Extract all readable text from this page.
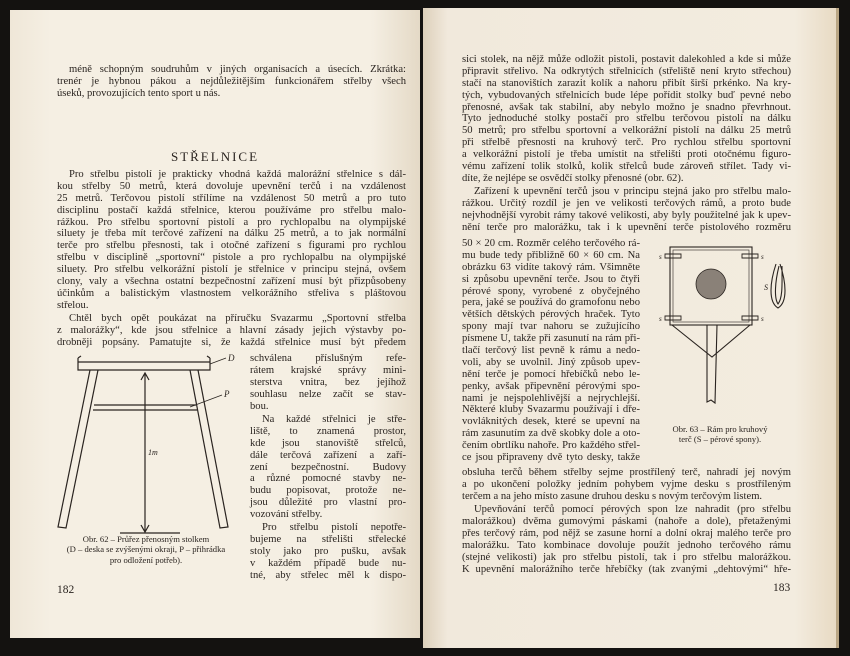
méně schopným soudruhům v jiných organisacích a úsecích. Zkrátka:
trenér je hybnou pákou a nejdůležitějším funkcionářem střelby všech
úseků, provozujících tento sport u nás.
STŘELNICE
Pro střelbu pistolí je prakticky vhodná každá malorážní střelnice s dál-
kou střelby 50 metrů, která dovoluje upevnění terčů i na vzdálenost
25 metrů. Terčovou pistolí střílíme na vzdálenost 50 metrů a pro tuto
disciplinu postačí každá střelnice, kterou používáme pro střelbu malo-
rážkou. Pro střelbu sportovní pistolí a pro rychlopalbu na olympijské
siluety je třeba mít terčové zařízení na dálku 25 metrů, a to jak normální
terče pro střelbu přesnosti, tak i otočné zařízení s figurami pro rychlou
střelbu v disciplině „sportovní“ pistole a pro rychlopalbu na olympijské
siluety. Pro střelbu velkorážní pistolí je střelnice v principu stejná, ovšem
clony, valy a všechna ostatní bezpečnostní zařízení musí být přizpůsobeny
účinkům a balistickým vlastnostem velkorážního střeliva s pláštovou
střelou.
Chtěl bych opět poukázat na příručku Svazarmu „Sportovní střelba
z malorážky“, kde jsou střelnice a hlavní zásady jejich výstavby po-
drobněji popsány. Pamatujte si, že každá střelnice musí být předem
schválena příslušným refe-
rátem krajské správy mini-
sterstva vnitra, bez jejíhož
souhlasu nelze začít se stav-
bou.
Na každé střelnici je stře-
liště, to znamená prostor,
kde jsou stanoviště střelců,
dále terčová zařízení a zaří-
zení bezpečnostní. Budovy
a různé pomocné stavby ne-
budu popisovat, protože ne-
jsou důležité pro vlastní pro-
vozování střelby.
Pro střelbu pistolí nepotře-
bujeme na střelišti střelecké
stoly jako pro pušku, avšak
v každém případě bude nu-
tné, aby střelec měl k dispo-
D
P
1m
Obr. 62 – Průřez přenosným stolkem
(D – deska se zvýšenými okraji, P – přihrádka
pro odložení potřeb).
182
sici stolek, na nějž může odložit pistoli, postavit dalekohled a kde si může
připravit střelivo. Na odkrytých střelnicích (střeliště není kryto střechou)
stačí na stanovištích zarazit kolík a nahoru přibít širší prkénko. Na kry-
tých, vybudovaných střelnicích bude lépe pořídit stolky buď pevné nebo
přenosné, avšak tak stabilní, aby nebylo možno je snadno převrhnout.
Tyto jednoduché stolky postačí pro střelbu terčovou pistolí na dálku
50 metrů; pro střelbu sportovní a velkorážní pistolí na dálku 25 metrů
při střelbě přesnosti na kruhový terč. Pro rychlou střelbu sportovní
a velkorážní pistolí je třeba umístit na střelišti proti otočnému figuro-
vému zařízení tolik stolků, kolik střelců bude zároveň střílet. Tady vi-
díte, že nejlépe se osvědčí stolky přenosné (obr. 62).
Zařízení k upevnění terčů jsou v principu stejná jako pro střelbu malo-
rážkou. Určitý rozdíl je jen ve velikosti terčových rámů, a proto bude
nejvhodnější vyrobit rámy takové velikosti, aby byly použitelné jak k upev-
nění terče pro malorážku, tak i k upevnění terče pistolového rozměru
50 × 20 cm. Rozměr celého terčového rá-
mu bude tedy přibližně 60 × 60 cm. Na
obrázku 63 vidíte takový rám. Všimněte
si způsobu upevnění terče. Jsou to čtyři
pérové spony, vyrobené z obyčejného
pera, jaké se používá do gramofonu nebo
větších dětských pérových hraček. Tyto
spony mají tvar nahoru se zužujícího
písmene U, takže při zasunutí na rám při-
tlačí terčový list pevně k rámu a nedo-
voli, aby se uvolnil. Jiný způsob upev-
nění terče je pomocí hřebíčků nebo le-
penky, avšak připevnění pérovými spo-
nami je nejspolehlivější a nejrychlejší.
Některé kluby Svazarmu používají i dře-
vovláknitých desek, které se upevní na
rám zasunutím za dvě skobky dole a oto-
čením obrtlíku nahoře. Pro každého střel-
ce jsou připraveny dvě tyto desky, takže
obsluha terčů během střelby sejme prostřílený terč, nahradí jej novým
a po ukončení položky jedním pohybem vyjme desku s prostříleným
terčem a na jeho místo zasune druhou desku s novým terčovým listem.
Upevňování terčů pomocí pérových spon lze nahradit (pro střelbu
malorážkou) dvěma gumovými páskami (nahoře a dole), přetaženými
přes terčový rám, pod nějž se zasune horní a dolní okraj malého terče pro
malorážku. Tato kombinace dovoluje použít jednoho terčového rámu
(stejné velikosti) jak pro střelbu pistolí, tak i pro střelbu malorážkou.
K upevnění malorážního terče hřebíčky (tak zvanými „dehtovými“ hře-
s	s
s	s
S
Obr. 63 – Rám pro kruhový
terč (S – pérové spony).
183
